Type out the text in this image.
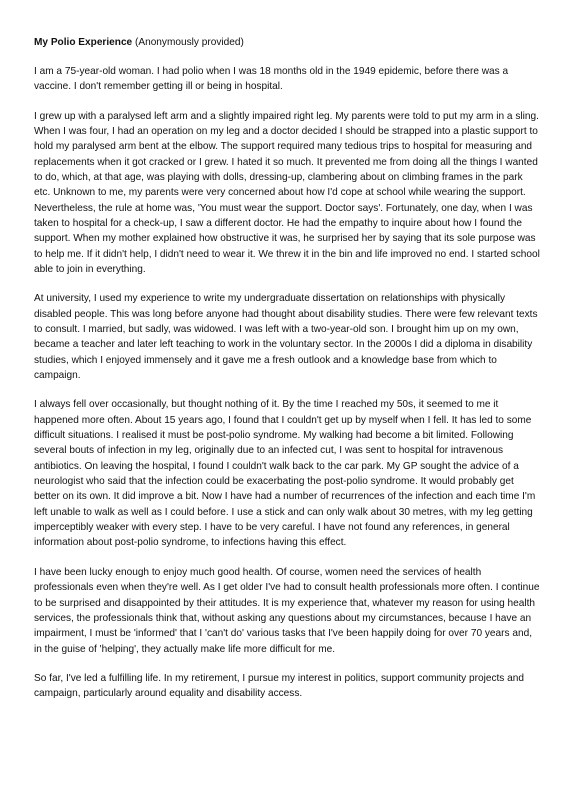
My Polio Experience (Anonymously provided)

I am a 75-year-old woman. I had polio when I was 18 months old in the 1949 epidemic, before there was a vaccine. I don't remember getting ill or being in hospital.

I grew up with a paralysed left arm and a slightly impaired right leg. My parents were told to put my arm in a sling. When I was four, I had an operation on my leg and a doctor decided I should be strapped into a plastic support to hold my paralysed arm bent at the elbow. The support required many tedious trips to hospital for measuring and replacements when it got cracked or I grew. I hated it so much. It prevented me from doing all the things I wanted to do, which, at that age, was playing with dolls, dressing-up, clambering about on climbing frames in the park etc. Unknown to me, my parents were very concerned about how I'd cope at school while wearing the support. Nevertheless, the rule at home was, 'You must wear the support. Doctor says'. Fortunately, one day, when I was taken to hospital for a check-up, I saw a different doctor. He had the empathy to inquire about how I found the support. When my mother explained how obstructive it was, he surprised her by saying that its sole purpose was to help me. If it didn't help, I didn't need to wear it. We threw it in the bin and life improved no end. I started school able to join in everything.

At university, I used my experience to write my undergraduate dissertation on relationships with physically disabled people. This was long before anyone had thought about disability studies. There were few relevant texts to consult. I married, but sadly, was widowed. I was left with a two-year-old son. I brought him up on my own, became a teacher and later left teaching to work in the voluntary sector. In the 2000s I did a diploma in disability studies, which I enjoyed immensely and it gave me a fresh outlook and a knowledge base from which to campaign.

I always fell over occasionally, but thought nothing of it. By the time I reached my 50s, it seemed to me it happened more often. About 15 years ago, I found that I couldn't get up by myself when I fell. It has led to some difficult situations. I realised it must be post-polio syndrome. My walking had become a bit limited. Following several bouts of infection in my leg, originally due to an infected cut, I was sent to hospital for intravenous antibiotics. On leaving the hospital, I found I couldn't walk back to the car park. My GP sought the advice of a neurologist who said that the infection could be exacerbating the post-polio syndrome. It would probably get better on its own. It did improve a bit. Now I have had a number of recurrences of the infection and each time I'm left unable to walk as well as I could before. I use a stick and can only walk about 30 metres, with my leg getting imperceptibly weaker with every step. I have to be very careful. I have not found any references, in general information about post-polio syndrome, to infections having this effect.

I have been lucky enough to enjoy much good health. Of course, women need the services of health professionals even when they're well. As I get older I've had to consult health professionals more often. I continue to be surprised and disappointed by their attitudes. It is my experience that, whatever my reason for using health services, the professionals think that, without asking any questions about my circumstances, because I have an impairment, I must be 'informed' that I 'can't do' various tasks that I've been happily doing for over 70 years and, in the guise of 'helping', they actually make life more difficult for me.

So far, I've led a fulfilling life. In my retirement, I pursue my interest in politics, support community projects and campaign, particularly around equality and disability access.
